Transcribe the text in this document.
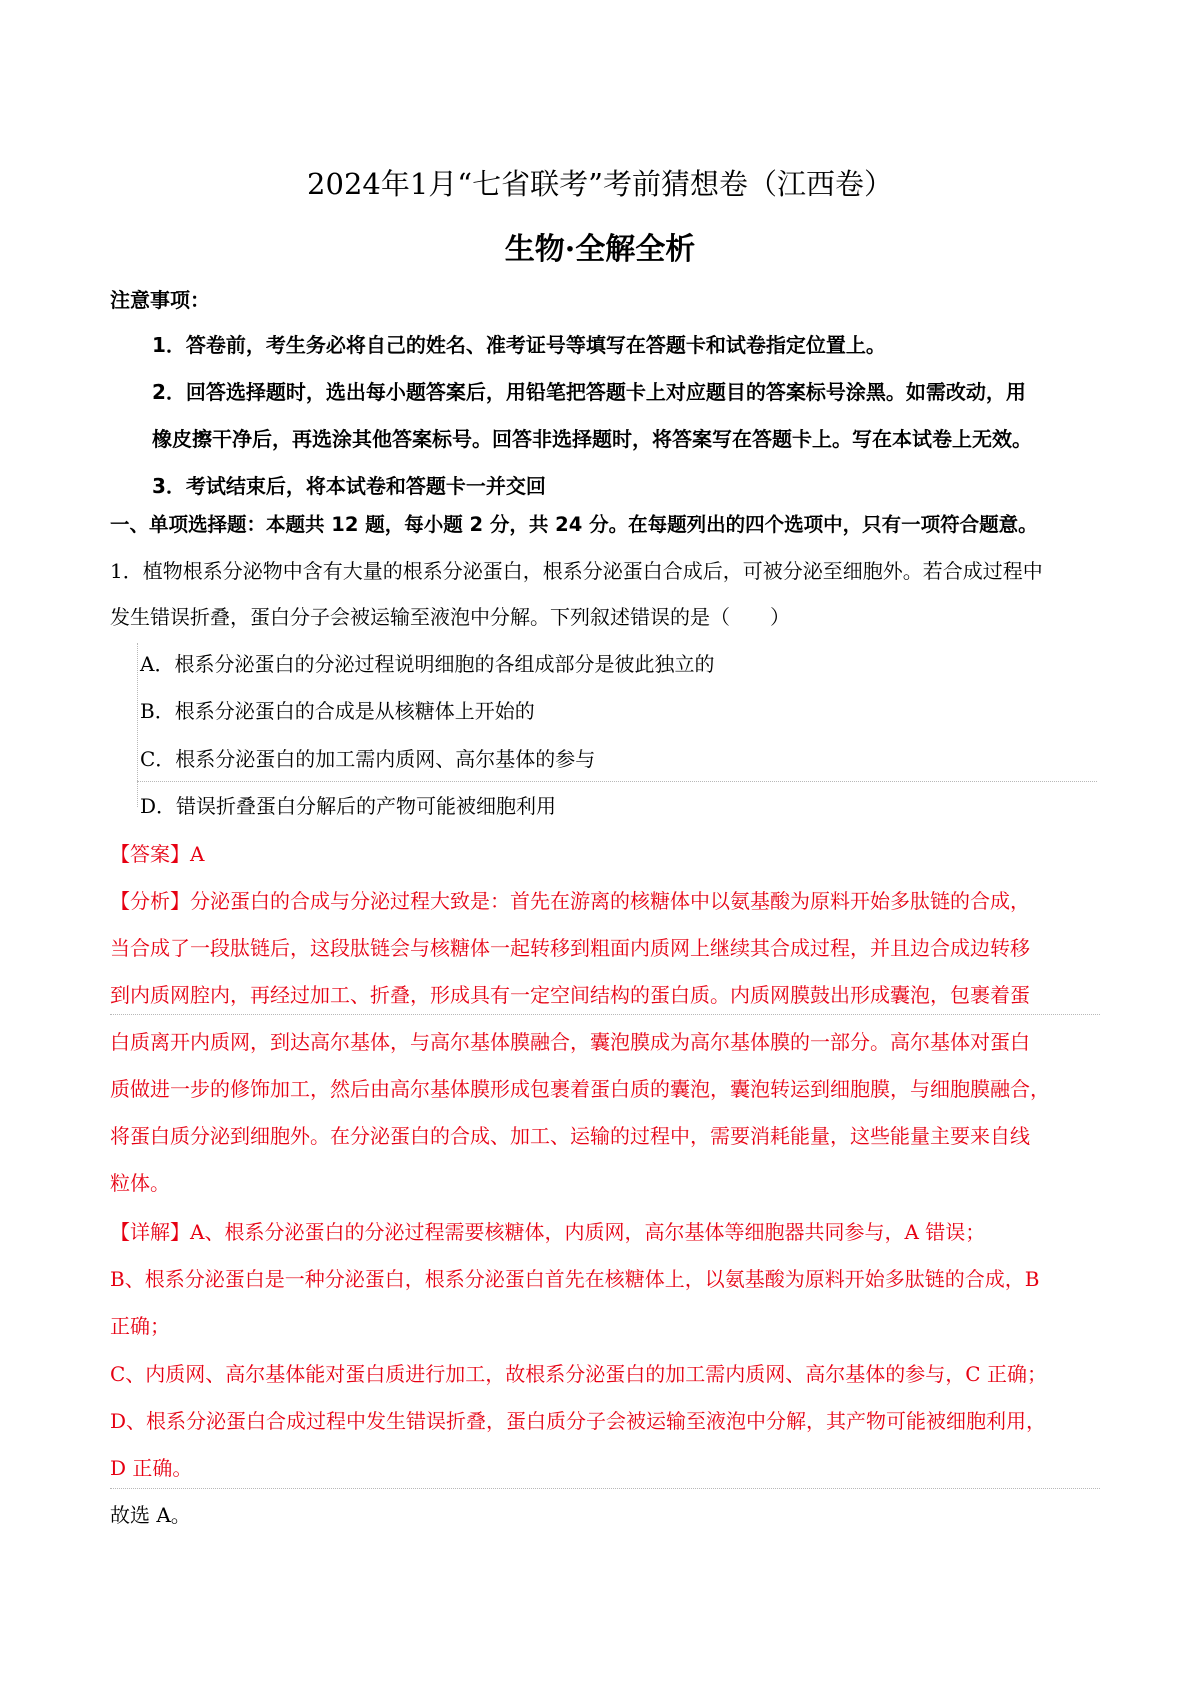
2024年1月“七省联考”考前猜想卷（江西卷）
生物·全解全析
注意事项：
1．答卷前，考生务必将自己的姓名、准考证号等填写在答题卡和试卷指定位置上。
2．回答选择题时，选出每小题答案后，用铅笔把答题卡上对应题目的答案标号涂黑。如需改动，用
橡皮擦干净后，再选涂其他答案标号。回答非选择题时，将答案写在答题卡上。写在本试卷上无效。
3．考试结束后，将本试卷和答题卡一并交回
一、单项选择题：本题共 12 题，每小题 2 分，共 24 分。在每题列出的四个选项中，只有一项符合题意。
1．植物根系分泌物中含有大量的根系分泌蛋白，根系分泌蛋白合成后，可被分泌至细胞外。若合成过程中
发生错误折叠，蛋白分子会被运输至液泡中分解。下列叙述错误的是（　　）
A．根系分泌蛋白的分泌过程说明细胞的各组成部分是彼此独立的
B．根系分泌蛋白的合成是从核糖体上开始的
C．根系分泌蛋白的加工需内质网、高尔基体的参与
D．错误折叠蛋白分解后的产物可能被细胞利用
【答案】A
【分析】分泌蛋白的合成与分泌过程大致是：首先在游离的核糖体中以氨基酸为原料开始多肽链的合成，
当合成了一段肽链后，这段肽链会与核糖体一起转移到粗面内质网上继续其合成过程，并且边合成边转移
到内质网腔内，再经过加工、折叠，形成具有一定空间结构的蛋白质。内质网膜鼓出形成囊泡，包裹着蛋
白质离开内质网，到达高尔基体，与高尔基体膜融合，囊泡膜成为高尔基体膜的一部分。高尔基体对蛋白
质做进一步的修饰加工，然后由高尔基体膜形成包裹着蛋白质的囊泡，囊泡转运到细胞膜，与细胞膜融合，
将蛋白质分泌到细胞外。在分泌蛋白的合成、加工、运输的过程中，需要消耗能量，这些能量主要来自线
粒体。
【详解】A、根系分泌蛋白的分泌过程需要核糖体，内质网，高尔基体等细胞器共同参与，A 错误；
B、根系分泌蛋白是一种分泌蛋白，根系分泌蛋白首先在核糖体上，以氨基酸为原料开始多肽链的合成，B
正确；
C、内质网、高尔基体能对蛋白质进行加工，故根系分泌蛋白的加工需内质网、高尔基体的参与，C 正确；
D、根系分泌蛋白合成过程中发生错误折叠，蛋白质分子会被运输至液泡中分解，其产物可能被细胞利用，
D 正确。
故选 A。
